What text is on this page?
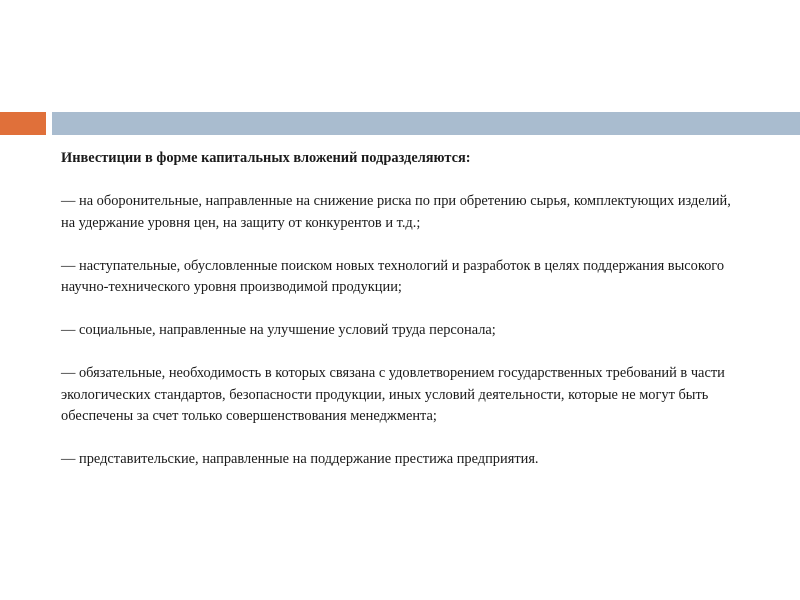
Инвестиции в форме капитальных вложений подразделяются:

— на оборонительные, направленные на снижение риска по при обретению сырья, комплектующих изделий, на удержание уровня цен, на защиту от конкурентов и т.д.;

— наступательные, обусловленные поиском новых технологий и разработок в целях поддержания высокого научно-технического уровня производимой продукции;

— социальные, направленные на улучшение условий труда персонала;

— обязательные, необходимость в которых связана с удовлетворением государственных требований в части экологических стандартов, безопасности продукции, иных условий деятельности, которые не могут быть обеспечены за счет только совершенствования менеджмента;

— представительские, направленные на поддержание престижа предприятия.
